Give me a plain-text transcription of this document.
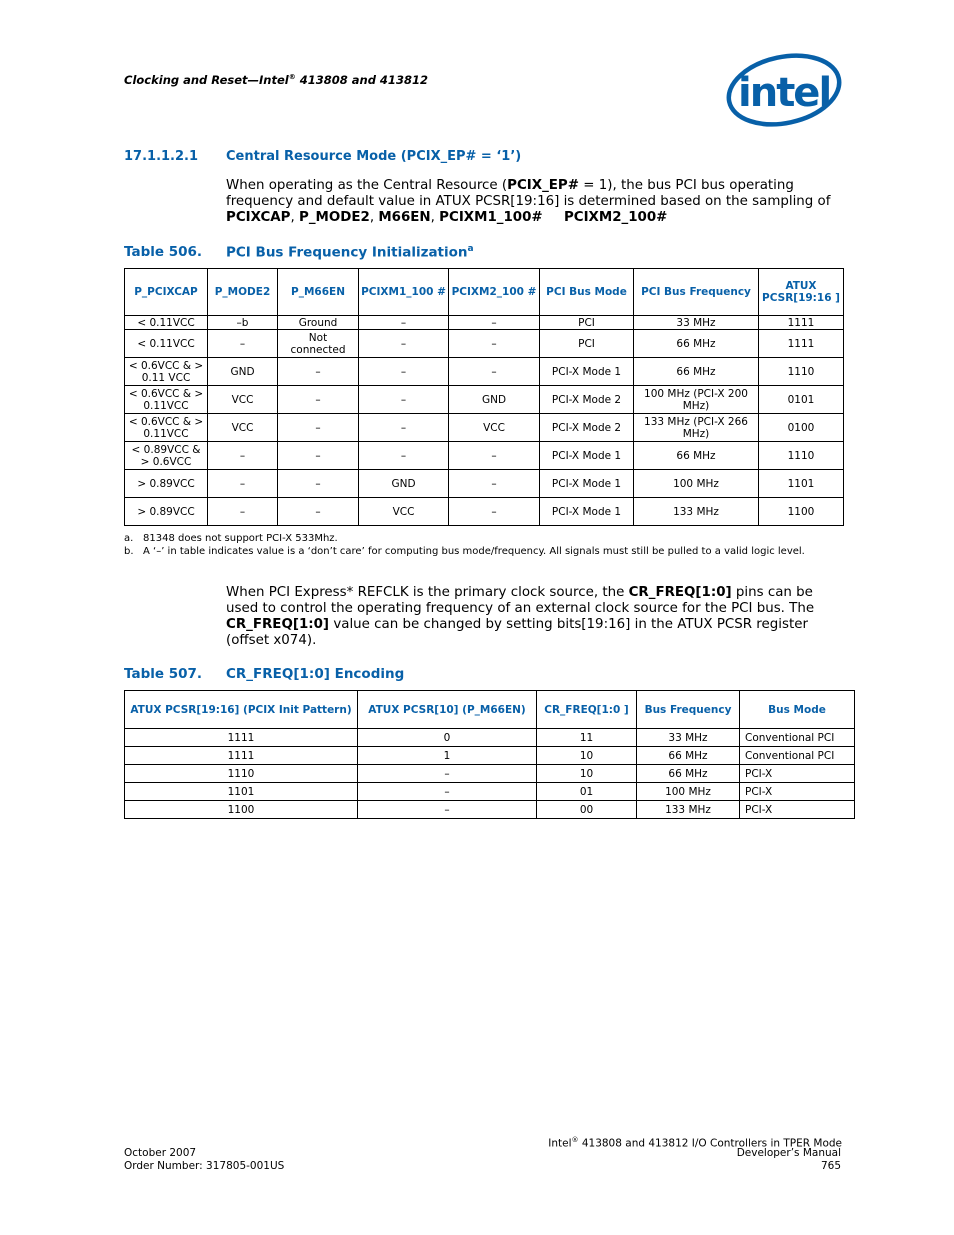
Clocking and Reset—Intel® 413808 and 413812	intel
17.1.1.2.1 Central Resource Mode (PCIX_EP# = ‘1’)
When operating as the Central Resource (PCIX_EP# = 1), the bus PCI bus operating frequency and default value in ATUX PCSR[19:16] is determined based on the sampling of PCIXCAP, P_MODE2, M66EN, PCIXM1_100# PCIXM2_100#
Table 506. PCI Bus Frequency Initialization$^a$
P_PCIXCAP	P_MODE2	P_M66EN	PCIXM1_100 #	PCIXM2_100 #	PCI Bus Mode	PCI Bus Frequency	ATUX PCSR[19:16 ]
< 0.11VCC	–b	Ground	–	–	PCI	33 MHz	1111
< 0.11VCC	–	Not connected	–	–	PCI	66 MHz	1111
< 0.6VCC & > 0.11 VCC	GND	–	–	–	PCI-X Mode 1	66 MHz	1110
< 0.6VCC & > 0.11VCC	VCC	–	–	GND	PCI-X Mode 2	100 MHz (PCI-X 200 MHz)	0101
< 0.6VCC & > 0.11VCC	VCC	–	–	VCC	PCI-X Mode 2	133 MHz (PCI-X 266 MHz)	0100
< 0.89VCC & > 0.6VCC	–	–	–	–	PCI-X Mode 1	66 MHz	1110
> 0.89VCC	–	–	GND	–	PCI-X Mode 1	100 MHz	1101
> 0.89VCC	–	–	VCC	–	PCI-X Mode 1	133 MHz	1100
a. 81348 does not support PCI-X 533Mhz.
b. A ‘–’ in table indicates value is a ‘don’t care’ for computing bus mode/frequency. All signals must still be pulled to a valid logic level.
When PCI Express* REFCLK is the primary clock source, the CR_FREQ[1:0] pins can be used to control the operating frequency of an external clock source for the PCI bus. The CR_FREQ[1:0] value can be changed by setting bits[19:16] in the ATUX PCSR register (offset x074).
Table 507. CR_FREQ[1:0] Encoding
ATUX PCSR[19:16] (PCIX Init Pattern)	ATUX PCSR[10] (P_M66EN)	CR_FREQ[1:0 ]	Bus Frequency	Bus Mode
1111	0	11	33 MHz	Conventional PCI
1111	1	10	66 MHz	Conventional PCI
1110	–	10	66 MHz	PCI-X
1101	–	01	100 MHz	PCI-X
1100	–	00	133 MHz	PCI-X
October 2007
Order Number: 317805-001US
Intel® 413808 and 413812 I/O Controllers in TPER Mode
Developer’s Manual
765
